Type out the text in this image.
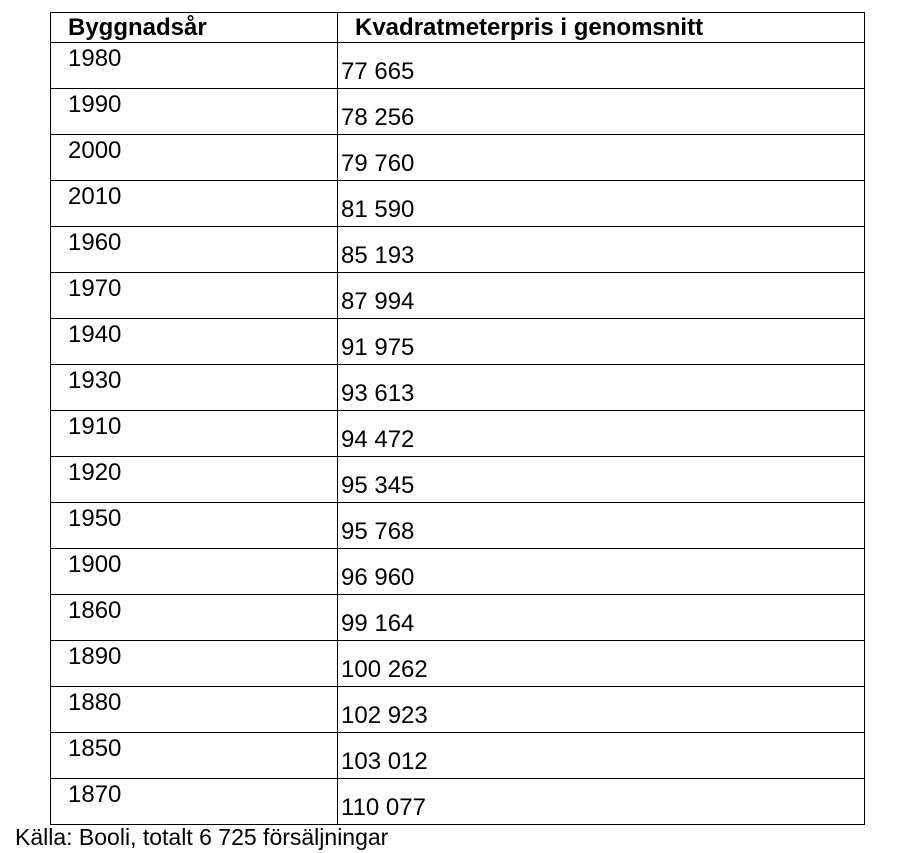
Byggnadsår	Kvadratmeterpris i genomsnitt

1980	77 665

1990	78 256

2000	79 760

2010	81 590

1960	85 193

1970	87 994

1940	91 975

1930	93 613

1910	94 472

1920	95 345

1950	95 768

1900	96 960

1860	99 164

1890	100 262

1880	102 923

1850	103 012

1870	110 077
Källa: Booli, totalt 6 725 försäljningar
